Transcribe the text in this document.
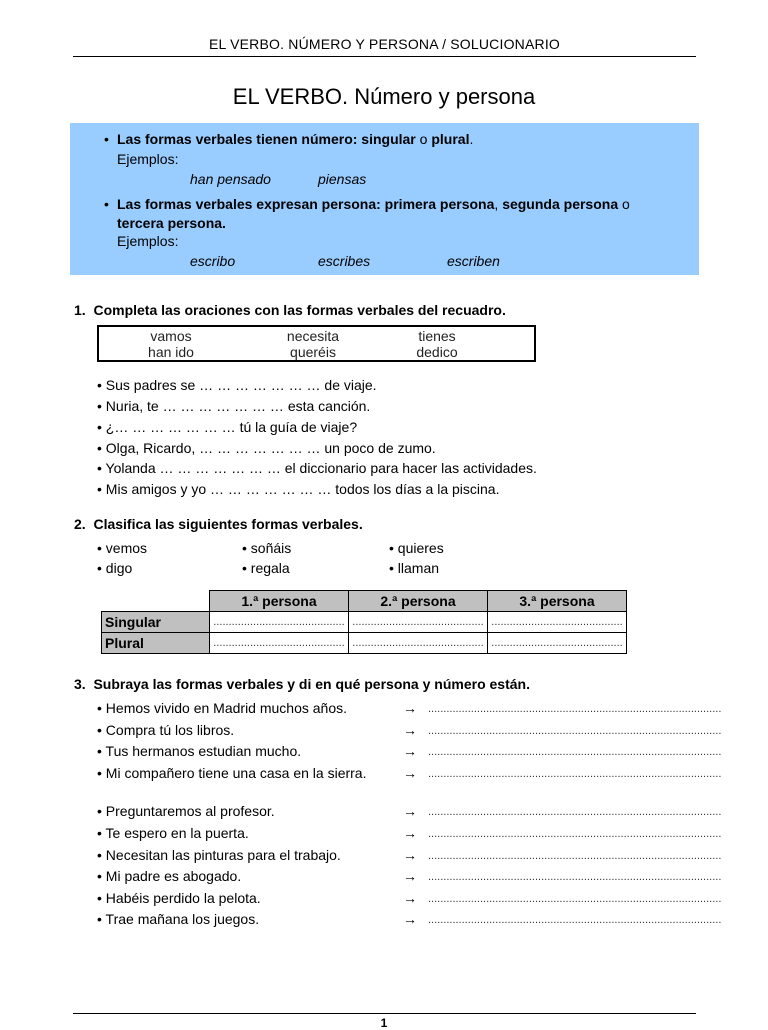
EL VERBO. NÚMERO Y PERSONA / SOLUCIONARIO
EL VERBO. Número y persona
• Las formas verbales tienen número: singular o plural.
Ejemplos:
han pensado	piensas
• Las formas verbales expresan persona: primera persona, segunda persona o
tercera persona.
Ejemplos:
escribo	escribes	escriben
1. Completa las oraciones con las formas verbales del recuadro.
vamos	necesita	tienes
han ido	queréis	dedico
• Sus padres se … … … … … … … de viaje.
• Nuria, te … … … … … … … esta canción.
• ¿… … … … … … … tú la guía de viaje?
• Olga, Ricardo, … … … … … … … un poco de zumo.
• Yolanda … … … … … … … el diccionario para hacer las actividades.
• Mis amigos y yo … … … … … … … todos los días a la piscina.
2. Clasifica las siguientes formas verbales.
• vemos	• soñáis	• quieres
• digo	• regala	• llaman
	1.ª persona	2.ª persona	3.ª persona
Singular	...........................................	...........................................	...........................................
Plural	...........................................	...........................................	...........................................
3. Subraya las formas verbales y di en qué persona y número están.
• Hemos vivido en Madrid muchos años.	→ ................................................................................................
• Compra tú los libros.	→ ................................................................................................
• Tus hermanos estudian mucho.	→ ................................................................................................
• Mi compañero tiene una casa en la sierra.	→ ................................................................................................
• Preguntaremos al profesor.	→ ................................................................................................
• Te espero en la puerta.	→ ................................................................................................
• Necesitan las pinturas para el trabajo.	→ ................................................................................................
• Mi padre es abogado.	→ ................................................................................................
• Habéis perdido la pelota.	→ ................................................................................................
• Trae mañana los juegos.	→ ................................................................................................
1
